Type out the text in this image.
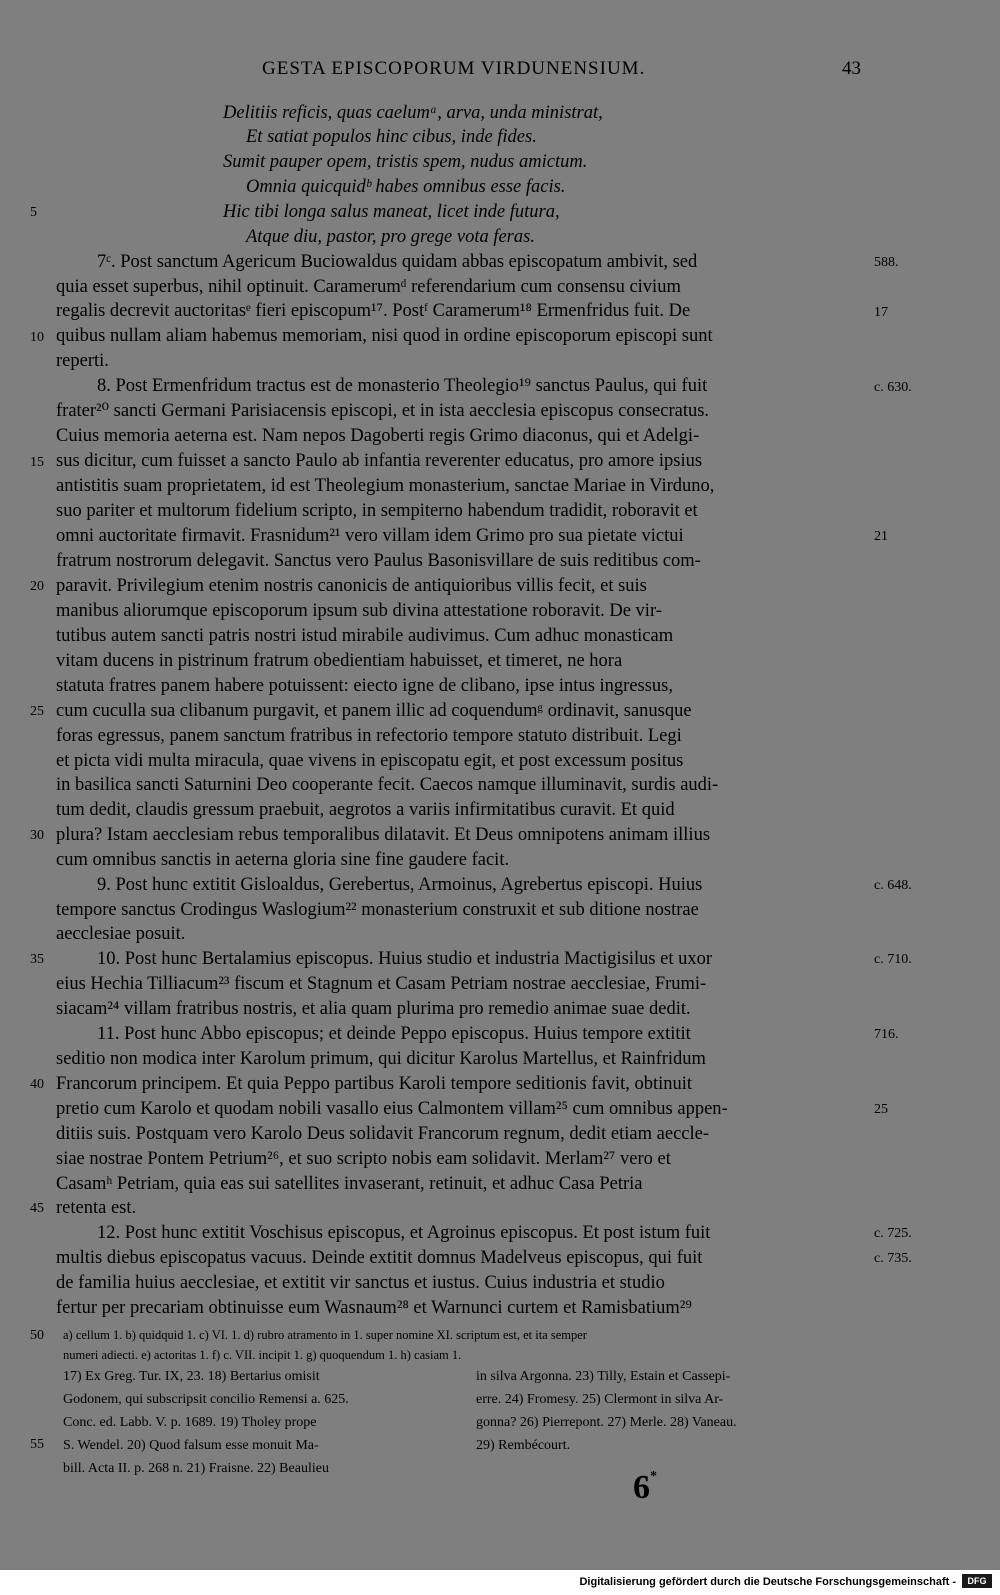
GESTA EPISCOPORUM VIRDUNENSIUM.	43
Delitiis reficis, quas caelumᵃ, arva, unda ministrat,
Et satiat populos hinc cibus, inde fides.
Sumit pauper opem, tristis spem, nudus amictum.
Omnia quicquidᵇ habes omnibus esse facis.
Hic tibi longa salus maneat, licet inde futura,
Atque diu, pastor, pro grege vota feras.
7ᶜ. Post sanctum Agericum Buciowaldus quidam abbas episcopatum ambivit, sed
quia esset superbus, nihil optinuit. Caramerumᵈ referendarium cum consensu civium
regalis decrevit auctoritasᵉ fieri episcopum¹⁷. Postᶠ Caramerum¹⁸ Ermenfridus fuit. De
quibus nullam aliam habemus memoriam, nisi quod in ordine episcoporum episcopi sunt
reperti.
8. Post Ermenfridum tractus est de monasterio Theolegio¹⁹ sanctus Paulus, qui fuit
frater²⁰ sancti Germani Parisiacensis episcopi, et in ista aecclesia episcopus consecratus.
Cuius memoria aeterna est. Nam nepos Dagoberti regis Grimo diaconus, qui et Adelgi-
sus dicitur, cum fuisset a sancto Paulo ab infantia reverenter educatus, pro amore ipsius
antistitis suam proprietatem, id est Theolegium monasterium, sanctae Mariae in Virduno,
suo pariter et multorum fidelium scripto, in sempiterno habendum tradidit, roboravit et
omni auctoritate firmavit. Frasnidum²¹ vero villam idem Grimo pro sua pietate victui
fratrum nostrorum delegavit. Sanctus vero Paulus Basonisvillare de suis reditibus com-
paravit. Privilegium etenim nostris canonicis de antiquioribus villis fecit, et suis
manibus aliorumque episcoporum ipsum sub divina attestatione roboravit. De vir-
tutibus autem sancti patris nostri istud mirabile audivimus. Cum adhuc monasticam
vitam ducens in pistrinum fratrum obedientiam habuisset, et timeret, ne hora
statuta fratres panem habere potuissent: eiecto igne de clibano, ipse intus ingressus,
cum cuculla sua clibanum purgavit, et panem illic ad coquendumᵍ ordinavit, sanusque
foras egressus, panem sanctum fratribus in refectorio tempore statuto distribuit. Legi
et picta vidi multa miracula, quae vivens in episcopatu egit, et post excessum positus
in basilica sancti Saturnini Deo cooperante fecit. Caecos namque illuminavit, surdis audi-
tum dedit, claudis gressum praebuit, aegrotos a variis infirmitatibus curavit. Et quid
plura? Istam aecclesiam rebus temporalibus dilatavit. Et Deus omnipotens animam illius
cum omnibus sanctis in aeterna gloria sine fine gaudere facit.
9. Post hunc extitit Gisloaldus, Gerebertus, Armoinus, Agrebertus episcopi. Huius
tempore sanctus Crodingus Waslogium²² monasterium construxit et sub ditione nostrae
aecclesiae posuit.
10. Post hunc Bertalamius episcopus. Huius studio et industria Mactigisilus et uxor
eius Hechia Tilliacum²³ fiscum et Stagnum et Casam Petriam nostrae aecclesiae, Frumi-
siacam²⁴ villam fratribus nostris, et alia quam plurima pro remedio animae suae dedit.
11. Post hunc Abbo episcopus; et deinde Peppo episcopus. Huius tempore extitit
seditio non modica inter Karolum primum, qui dicitur Karolus Martellus, et Rainfridum
Francorum principem. Et quia Peppo partibus Karoli tempore seditionis favit, obtinuit
pretio cum Karolo et quodam nobili vasallo eius Calmontem villam²⁵ cum omnibus appen-
ditiis suis. Postquam vero Karolo Deus solidavit Francorum regnum, dedit etiam aeccle-
siae nostrae Pontem Petrium²⁶, et suo scripto nobis eam solidavit. Merlam²⁷ vero et
Casamʰ Petriam, quia eas sui satellites invaserant, retinuit, et adhuc Casa Petria
retenta est.
12. Post hunc extitit Voschisus episcopus, et Agroinus episcopus. Et post istum fuit
multis diebus episcopatus vacuus. Deinde extitit domnus Madelveus episcopus, qui fuit
de familia huius aecclesiae, et extitit vir sanctus et iustus. Cuius industria et studio
fertur per precariam obtinuisse eum Wasnaum²⁸ et Warnunci curtem et Ramisbatium²⁹
5
10
15
20
25
30
35
40
45
50
55
588.
17
c. 630.
21
c. 648.
c. 710.
716.
25
c. 725.
c. 735.
a) cellum 1. b) quidquid 1. c) VI. 1. d) rubro atramento in 1. super nomine XI. scriptum est, et ita semper
numeri adiecti. e) actoritas 1. f) c. VII. incipit 1. g) quoquendum 1. h) casiam 1.
17) Ex Greg. Tur. IX, 23. 18) Bertarius omisit
Godonem, qui subscripsit concilio Remensi a. 625.
Conc. ed. Labb. V. p. 1689. 19) Tholey prope
S. Wendel. 20) Quod falsum esse monuit Ma-
bill. Acta II. p. 268 n. 21) Fraisne. 22) Beaulieu
in silva Argonna. 23) Tilly, Estain et Cassepi-
erre. 24) Fromesy. 25) Clermont in silva Ar-
gonna? 26) Pierrepont. 27) Merle. 28) Vaneau.
29) Rembécourt.
6*
Digitalisierung gefördert durch die Deutsche Forschungsgemeinschaft -	DFG
